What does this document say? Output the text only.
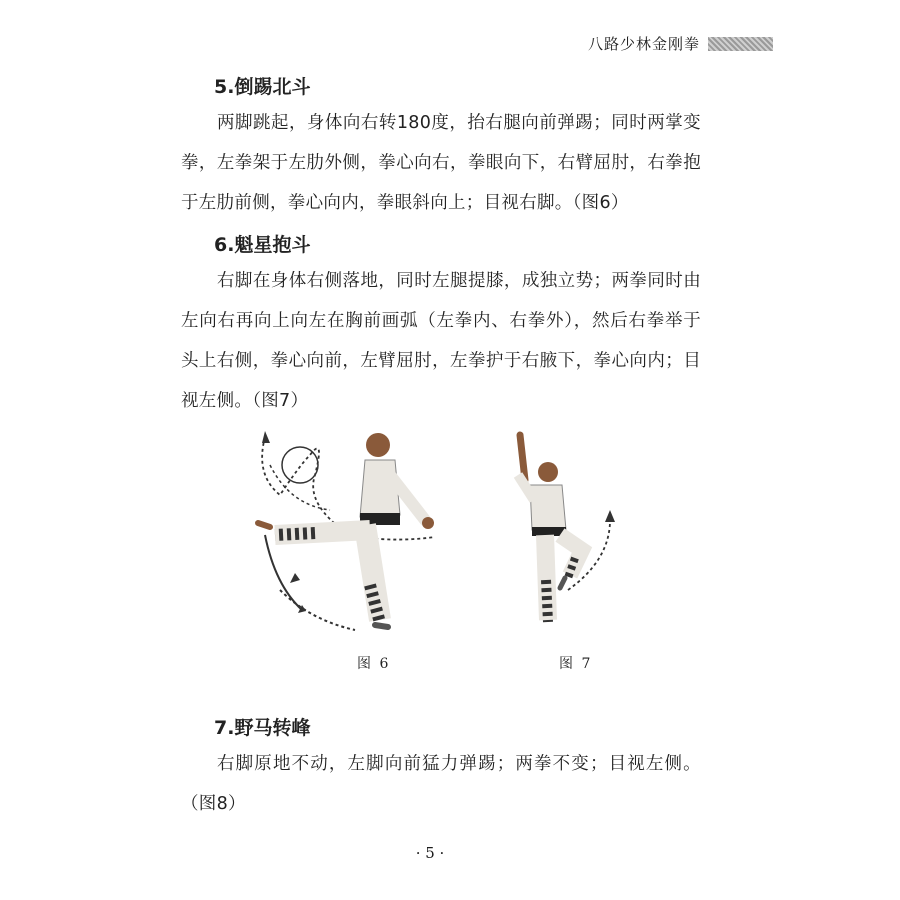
八路少林金刚拳
5.倒踢北斗

两脚跳起，身体向右转180度，抬右腿向前弹踢；同时两掌变拳，左拳架于左肋外侧，拳心向右，拳眼向下，右臂屈肘，右拳抱于左肋前侧，拳心向内，拳眼斜向上；目视右脚。（图6）

6.魁星抱斗

右脚在身体右侧落地，同时左腿提膝，成独立势；两拳同时由左向右再向上向左在胸前画弧（左拳内、右拳外），然后右拳举于头上右侧，拳心向前，左臂屈肘，左拳护于右腋下，拳心向内；目视左侧。（图7）

图 6	图 7
7.野马转峰

右脚原地不动，左脚向前猛力弹踢；两拳不变；目视左侧。（图8）

· 5 ·
